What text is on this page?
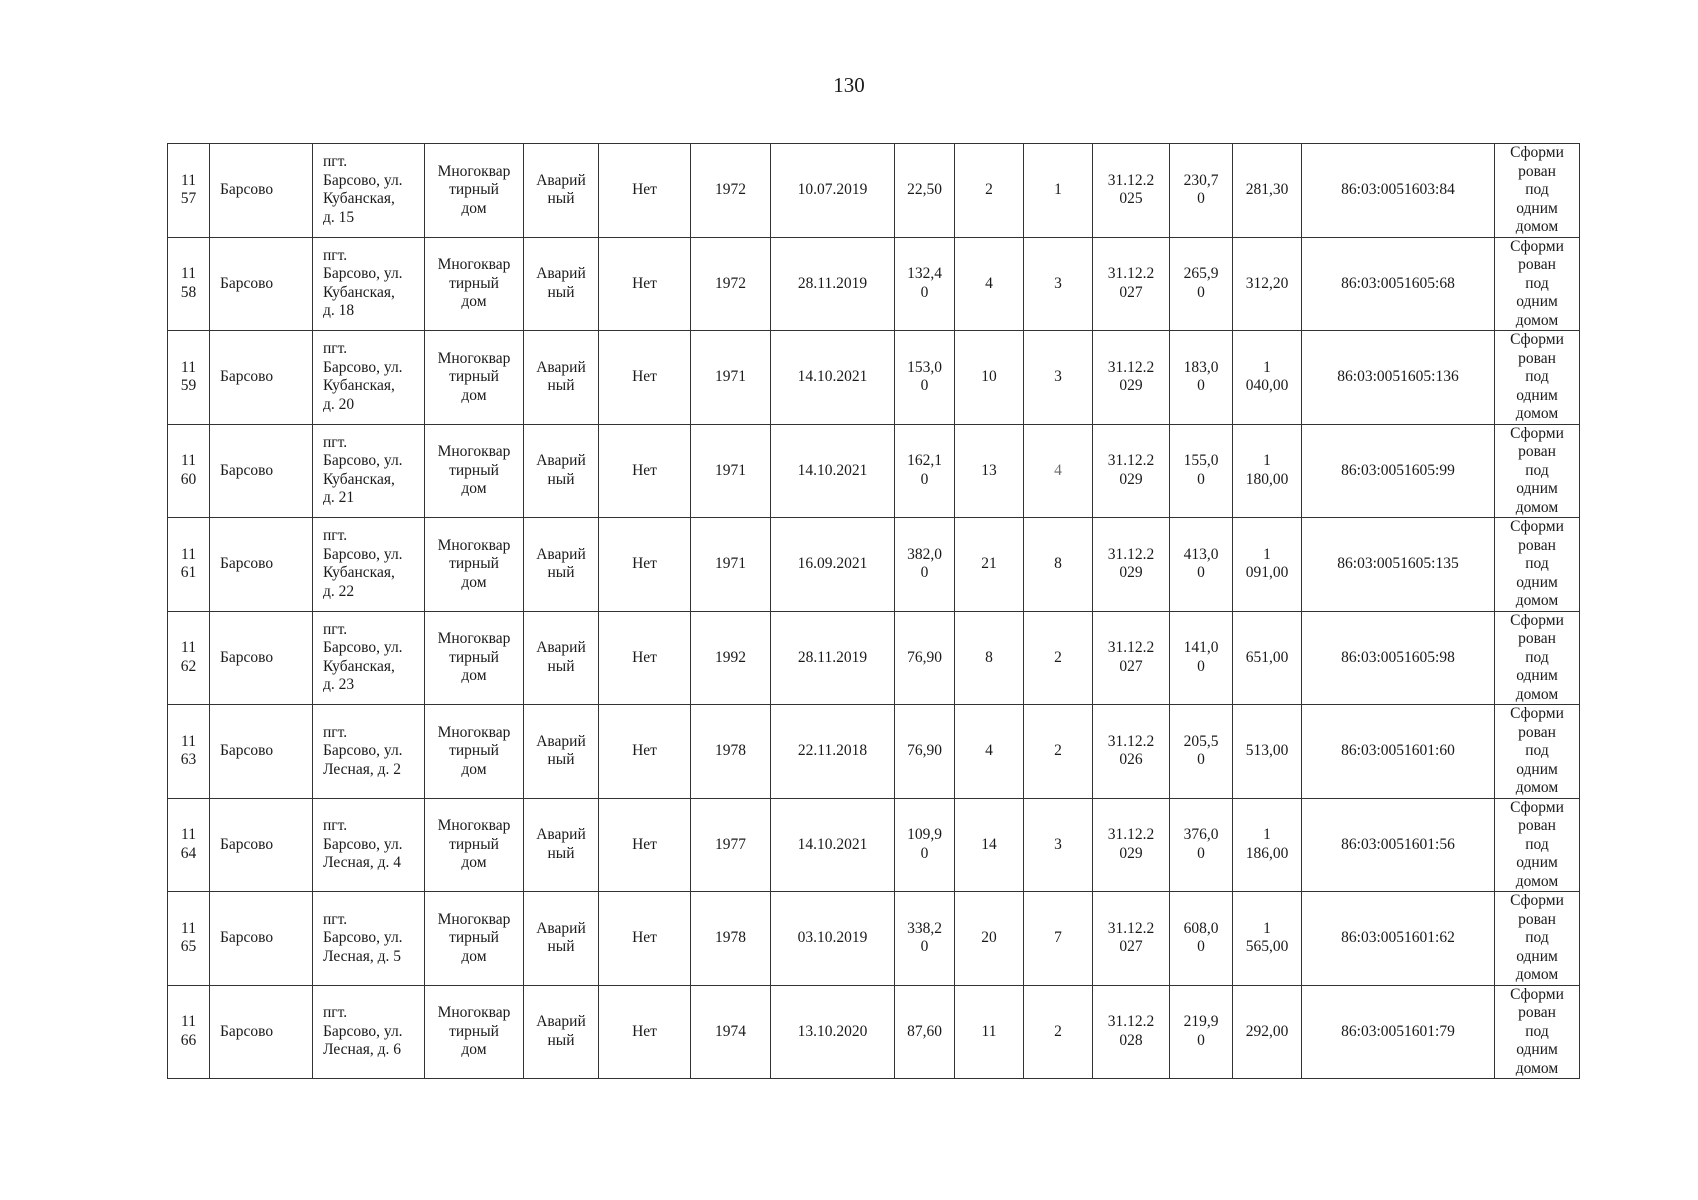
130
11
57	Барсово	пгт.
Барсово, ул.
Кубанская,
д. 15	Многоквар
тирный
дом	Аварий
ный	Нет	1972	10.07.2019	22,50	2	1	31.12.2
025	230,7
0	281,30	86:03:0051603:84	Сформи
рован
под
одним
домом
11
58	Барсово	пгт.
Барсово, ул.
Кубанская,
д. 18	Многоквар
тирный
дом	Аварий
ный	Нет	1972	28.11.2019	132,4
0	4	3	31.12.2
027	265,9
0	312,20	86:03:0051605:68	Сформи
рован
под
одним
домом
11
59	Барсово	пгт.
Барсово, ул.
Кубанская,
д. 20	Многоквар
тирный
дом	Аварий
ный	Нет	1971	14.10.2021	153,0
0	10	3	31.12.2
029	183,0
0	1
040,00	86:03:0051605:136	Сформи
рован
под
одним
домом
11
60	Барсово	пгт.
Барсово, ул.
Кубанская,
д. 21	Многоквар
тирный
дом	Аварий
ный	Нет	1971	14.10.2021	162,1
0	13	4	31.12.2
029	155,0
0	1
180,00	86:03:0051605:99	Сформи
рован
под
одним
домом
11
61	Барсово	пгт.
Барсово, ул.
Кубанская,
д. 22	Многоквар
тирный
дом	Аварий
ный	Нет	1971	16.09.2021	382,0
0	21	8	31.12.2
029	413,0
0	1
091,00	86:03:0051605:135	Сформи
рован
под
одним
домом
11
62	Барсово	пгт.
Барсово, ул.
Кубанская,
д. 23	Многоквар
тирный
дом	Аварий
ный	Нет	1992	28.11.2019	76,90	8	2	31.12.2
027	141,0
0	651,00	86:03:0051605:98	Сформи
рован
под
одним
домом
11
63	Барсово	пгт.
Барсово, ул.
Лесная, д. 2	Многоквар
тирный
дом	Аварий
ный	Нет	1978	22.11.2018	76,90	4	2	31.12.2
026	205,5
0	513,00	86:03:0051601:60	Сформи
рован
под
одним
домом
11
64	Барсово	пгт.
Барсово, ул.
Лесная, д. 4	Многоквар
тирный
дом	Аварий
ный	Нет	1977	14.10.2021	109,9
0	14	3	31.12.2
029	376,0
0	1
186,00	86:03:0051601:56	Сформи
рован
под
одним
домом
11
65	Барсово	пгт.
Барсово, ул.
Лесная, д. 5	Многоквар
тирный
дом	Аварий
ный	Нет	1978	03.10.2019	338,2
0	20	7	31.12.2
027	608,0
0	1
565,00	86:03:0051601:62	Сформи
рован
под
одним
домом
11
66	Барсово	пгт.
Барсово, ул.
Лесная, д. 6	Многоквар
тирный
дом	Аварий
ный	Нет	1974	13.10.2020	87,60	11	2	31.12.2
028	219,9
0	292,00	86:03:0051601:79	Сформи
рован
под
одним
домом
